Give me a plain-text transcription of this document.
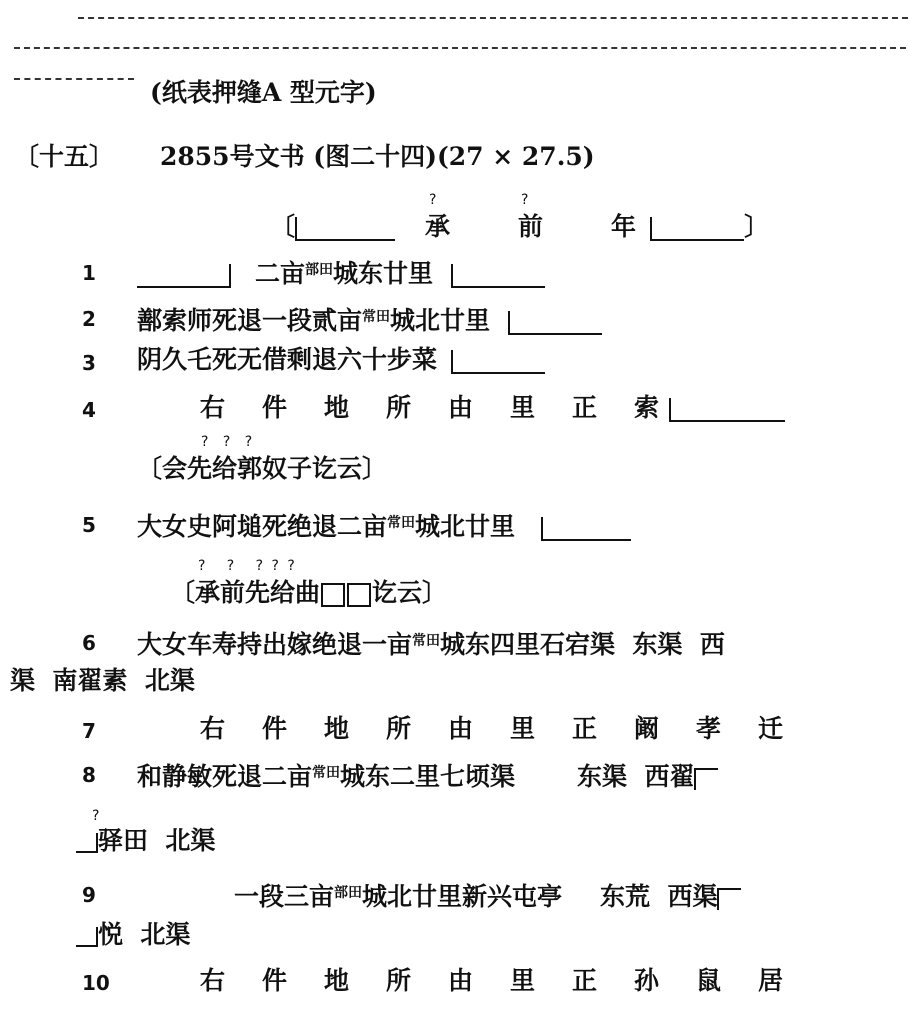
(纸表押缝A 型元字)
〔十五〕 2855号文书 (图二十四)(27 × 27.5)
?	?
〔	承	前	年	〕
1	二亩$^{部田}$城东廿里
2	鄯索师死退一段贰亩$^{常田}$城北廿里
3	阴久乇死无借剩退六十步菜
4	右 件 地 所 由 里 正 索
? ? ?
〔会先给郭奴子讫云〕
5	大女史阿塠死绝退二亩$^{常田}$城北廿里
?   ?   ? ? ?
〔承前先给曲 讫云〕
6	大女车寿持出嫁绝退一亩$^{常田}$城东四里石宕渠  东渠  西
渠  南翟素  北渠
7	右 件 地 所 由 里 正 阚 孝 迁
8	和静敏死退二亩$^{常田}$城东二里七顷渠 东渠  西翟
?
驿田  北渠
9	一段三亩$^{部田}$城北廿里新兴屯亭 东荒  西渠
悦  北渠
10	右 件 地 所 由 里 正 孙 鼠 居
